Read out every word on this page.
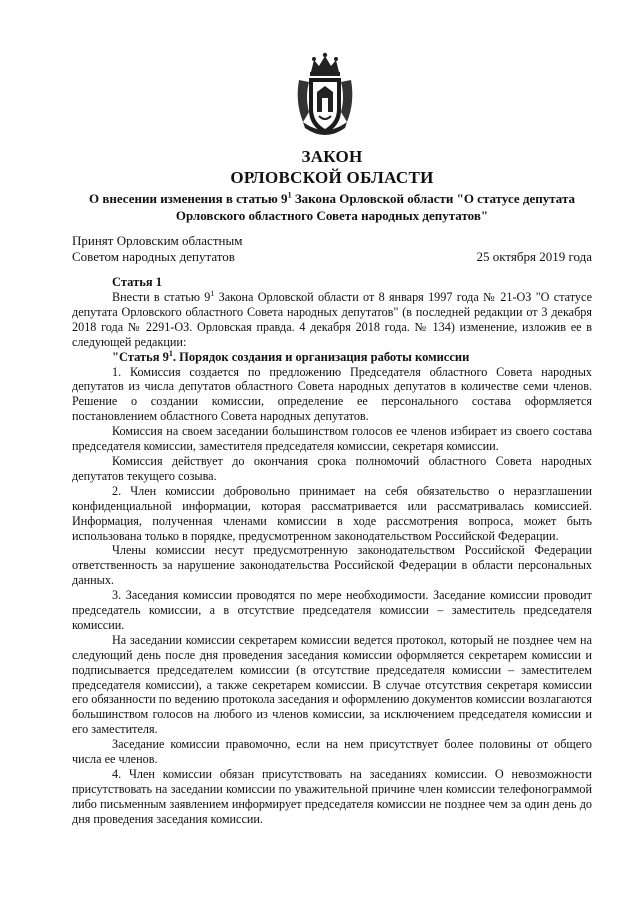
ЗАКОН
ОРЛОВСКОЙ ОБЛАСТИ
О внесении изменения в статью $9^1$ Закона Орловской области "О статусе депутата
Орловского областного Совета народных депутатов"
Принят Орловским областным
Советом народных депутатов	25 октября 2019 года
Статья 1

Внести в статью $9^1$ Закона Орловской области от 8 января 1997 года № 21-ОЗ "О статусе депутата Орловского областного Совета народных депутатов" (в последней редакции от 3 декабря 2018 года № 2291-ОЗ. Орловская правда. 4 декабря 2018 года. № 134) изменение, изложив ее в следующей редакции:

"Статья $9^1$. Порядок создания и организация работы комиссии

1. Комиссия создается по предложению Председателя областного Совета народных депутатов из числа депутатов областного Совета народных депутатов в количестве семи членов. Решение о создании комиссии, определение ее персонального состава оформляется постановлением областного Совета народных депутатов.

Комиссия на своем заседании большинством голосов ее членов избирает из своего состава председателя комиссии, заместителя председателя комиссии, секретаря комиссии.

Комиссия действует до окончания срока полномочий областного Совета народных депутатов текущего созыва.

2. Член комиссии добровольно принимает на себя обязательство о неразглашении конфиденциальной информации, которая рассматривается или рассматривалась комиссией. Информация, полученная членами комиссии в ходе рассмотрения вопроса, может быть использована только в порядке, предусмотренном законодательством Российской Федерации.

Члены комиссии несут предусмотренную законодательством Российской Федерации ответственность за нарушение законодательства Российской Федерации в области персональных данных.

3. Заседания комиссии проводятся по мере необходимости. Заседание комиссии проводит председатель комиссии, а в отсутствие председателя комиссии – заместитель председателя комиссии.

На заседании комиссии секретарем комиссии ведется протокол, который не позднее чем на следующий день после дня проведения заседания комиссии оформляется секретарем комиссии и подписывается председателем комиссии (в отсутствие председателя комиссии – заместителем председателя комиссии), а также секретарем комиссии. В случае отсутствия секретаря комиссии его обязанности по ведению протокола заседания и оформлению документов комиссии возлагаются большинством голосов на любого из членов комиссии, за исключением председателя комиссии и его заместителя.

Заседание комиссии правомочно, если на нем присутствует более половины от общего числа ее членов.

4. Член комиссии обязан присутствовать на заседаниях комиссии. О невозможности присутствовать на заседании комиссии по уважительной причине член комиссии телефонограммой либо письменным заявлением информирует председателя комиссии не позднее чем за один день до дня проведения заседания комиссии.
